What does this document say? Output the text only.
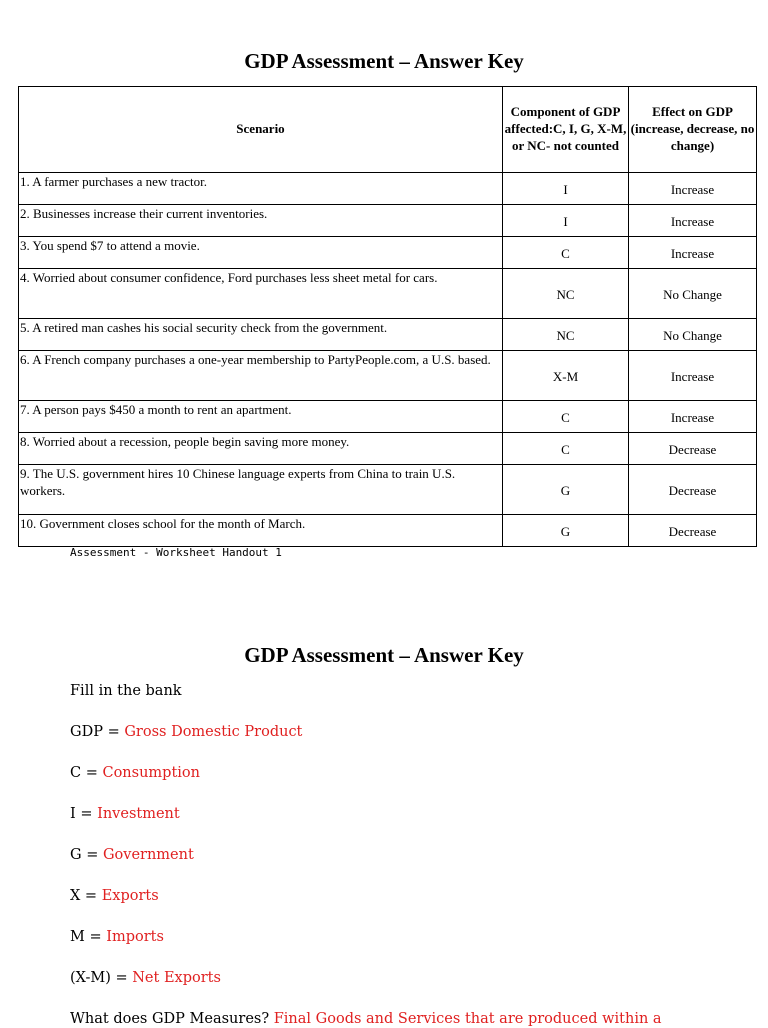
GDP Assessment – Answer Key
Scenario	Component of GDP affected:C, I, G, X-M, or NC- not counted	Effect on GDP (increase, decrease, no change)
1. A farmer purchases a new tractor.	I	Increase
2. Businesses increase their current inventories.	I	Increase
3. You spend $7 to attend a movie.	C	Increase
4. Worried about consumer confidence, Ford purchases less sheet metal for cars.	NC	No Change
5. A retired man cashes his social security check from the government.	NC	No Change
6. A French company purchases a one-year membership to PartyPeople.com, a U.S. based.	X-M	Increase
7. A person pays $450 a month to rent an apartment.	C	Increase
8. Worried about a recession, people begin saving more money.	C	Decrease
9. The U.S. government hires 10 Chinese language experts from China to train U.S. workers.	G	Decrease
10. Government closes school for the month of March.	G	Decrease
Assessment - Worksheet Handout 1
GDP Assessment – Answer Key
Fill in the bank
GDP = Gross Domestic Product
C = Consumption
I = Investment
G = Government
X = Exports
M = Imports
(X-M) = Net Exports
What does GDP Measures? Final Goods and Services that are produced within a
